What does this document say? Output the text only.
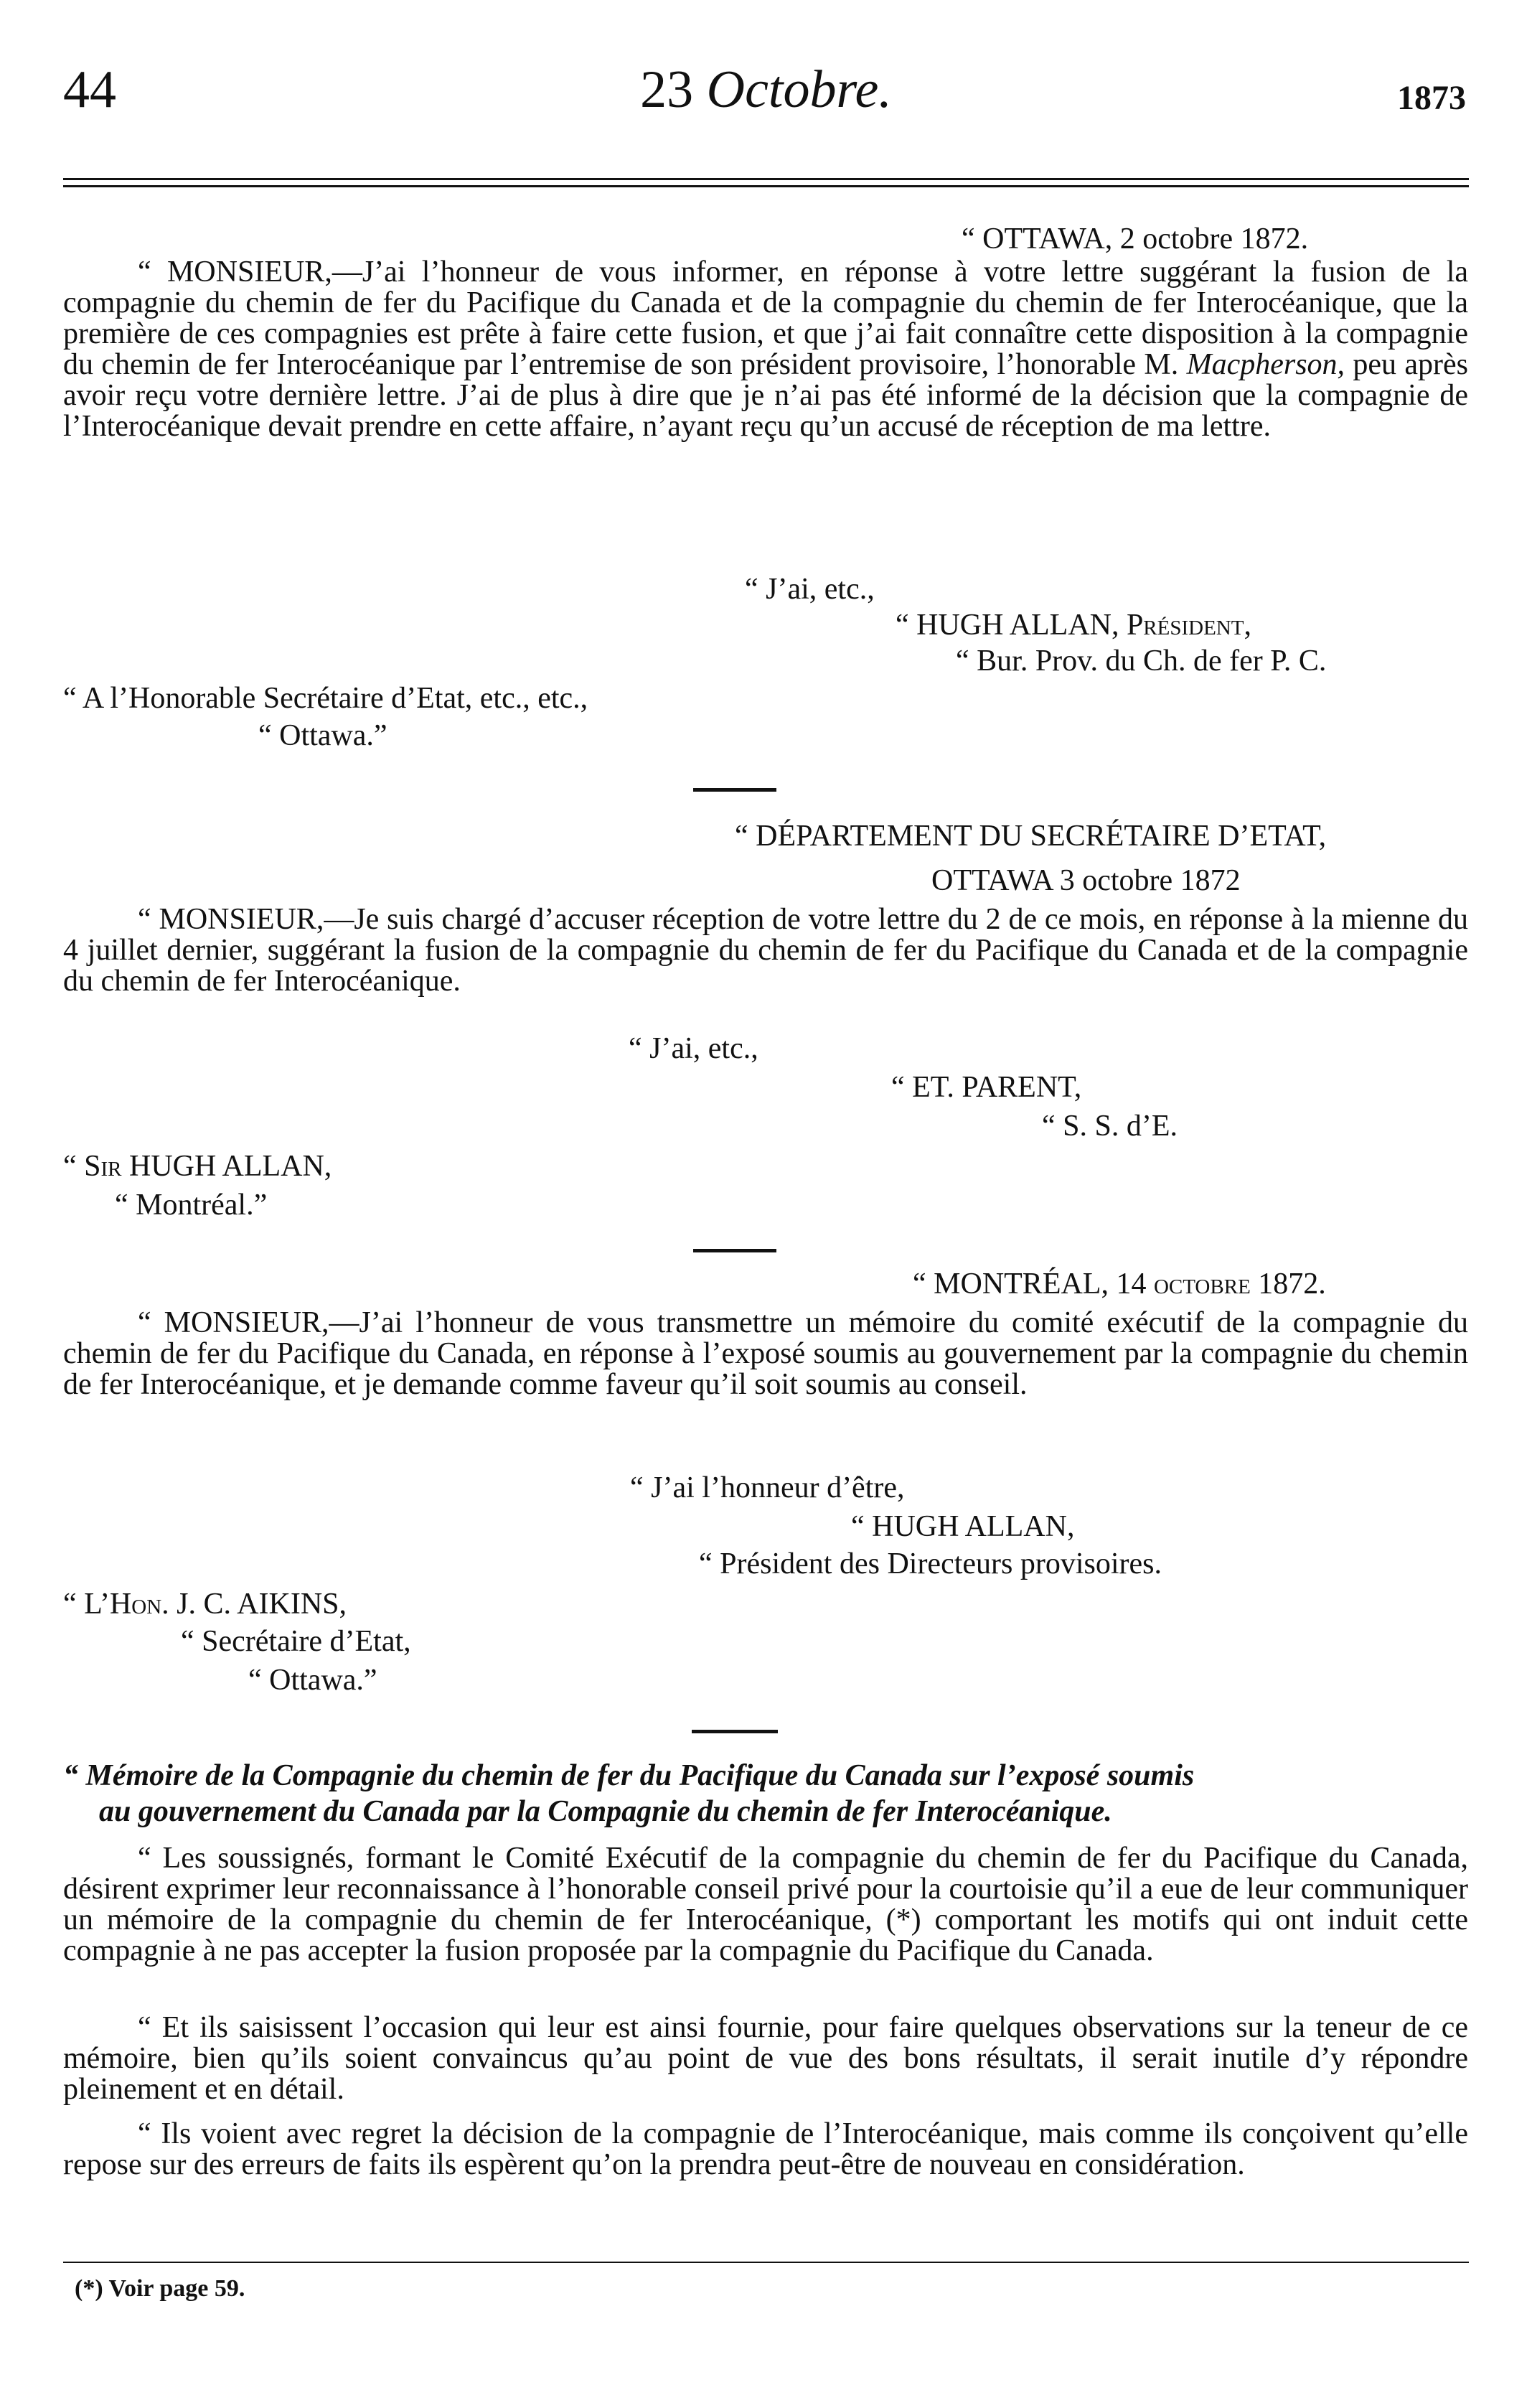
44	23 Octobre.	1873
“ OTTAWA, 2 octobre 1872.
“ MONSIEUR,—J’ai l’honneur de vous informer, en réponse à votre lettre suggérant la fusion de la compagnie du chemin de fer du Pacifique du Canada et de la compagnie du chemin de fer Interocéanique, que la première de ces compagnies est prête à faire cette fusion, et que j’ai fait connaître cette disposition à la compagnie du chemin de fer Interocéanique par l’entremise de son président provisoire, l’honorable M. Macpherson, peu après avoir reçu votre dernière lettre. J’ai de plus à dire que je n’ai pas été informé de la décision que la compagnie de l’Interocéanique devait prendre en cette affaire, n’ayant reçu qu’un accusé de réception de ma lettre.
“ J’ai, etc.,
“ HUGH ALLAN, Président,
“ Bur. Prov. du Ch. de fer P. C.
“ A l’Honorable Secrétaire d’Etat, etc., etc.,
“ Ottawa.”
“ DÉPARTEMENT DU SECRÉTAIRE D’ETAT,
OTTAWA 3 octobre 1872
“ MONSIEUR,—Je suis chargé d’accuser réception de votre lettre du 2 de ce mois, en réponse à la mienne du 4 juillet dernier, suggérant la fusion de la compagnie du chemin de fer du Pacifique du Canada et de la compagnie du chemin de fer Interocéanique.
“ J’ai, etc.,
“ ET. PARENT,
“ S. S. d’E.
“ Sir HUGH ALLAN,
“ Montréal.”
“ MONTRÉAL, 14 octobre 1872.
“ MONSIEUR,—J’ai l’honneur de vous transmettre un mémoire du comité exécutif de la compagnie du chemin de fer du Pacifique du Canada, en réponse à l’exposé soumis au gouvernement par la compagnie du chemin de fer Interocéanique, et je demande comme faveur qu’il soit soumis au conseil.
“ J’ai l’honneur d’être,
“ HUGH ALLAN,
“ Président des Directeurs provisoires.
“ L’Hon. J. C. AIKINS,
“ Secrétaire d’Etat,
“ Ottawa.”
“ Mémoire de la Compagnie du chemin de fer du Pacifique du Canada sur l’exposé soumis
au gouvernement du Canada par la Compagnie du chemin de fer Interocéanique.
“ Les soussignés, formant le Comité Exécutif de la compagnie du chemin de fer du Pacifique du Canada, désirent exprimer leur reconnaissance à l’honorable conseil privé pour la courtoisie qu’il a eue de leur communiquer un mémoire de la compagnie du chemin de fer Interocéanique, (*) comportant les motifs qui ont induit cette compagnie à ne pas accepter la fusion proposée par la compagnie du Pacifique du Canada.
“ Et ils saisissent l’occasion qui leur est ainsi fournie, pour faire quelques observations sur la teneur de ce mémoire, bien qu’ils soient convaincus qu’au point de vue des bons résultats, il serait inutile d’y répondre pleinement et en détail.
“ Ils voient avec regret la décision de la compagnie de l’Interocéanique, mais comme ils conçoivent qu’elle repose sur des erreurs de faits ils espèrent qu’on la prendra peut-être de nouveau en considération.
(*) Voir page 59.
